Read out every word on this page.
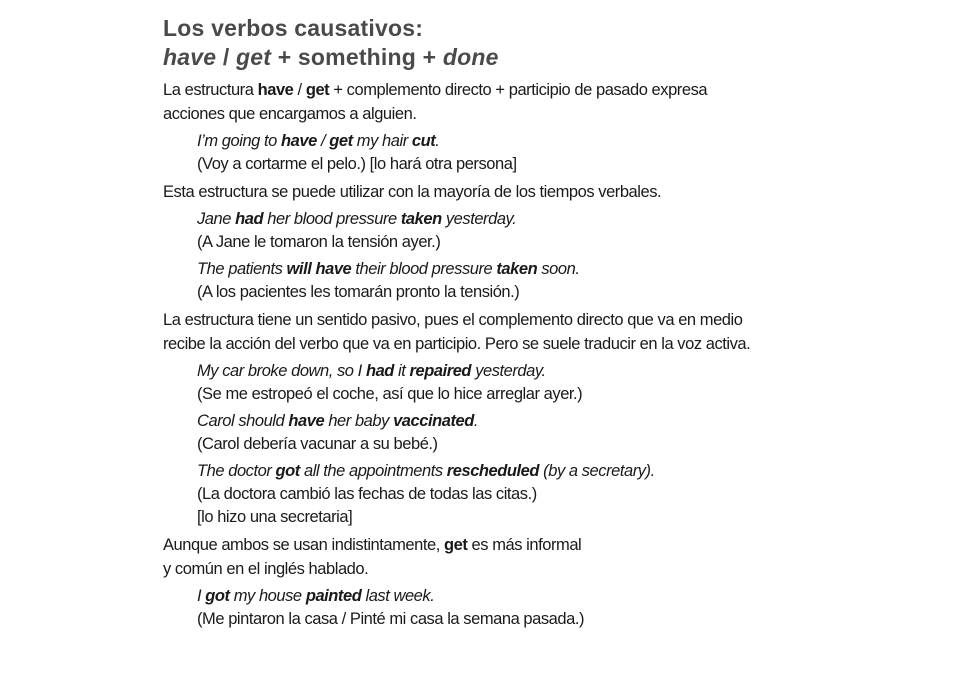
Los verbos causativos:
have / get + something + done

La estructura have / get + complemento directo + participio de pasado expresa
acciones que encargamos a alguien.

I’m going to have / get my hair cut.
(Voy a cortarme el pelo.) [lo hará otra persona]

Esta estructura se puede utilizar con la mayoría de los tiempos verbales.

Jane had her blood pressure taken yesterday.
(A Jane le tomaron la tensión ayer.)
The patients will have their blood pressure taken soon.
(A los pacientes les tomarán pronto la tensión.)

La estructura tiene un sentido pasivo, pues el complemento directo que va en medio
recibe la acción del verbo que va en participio. Pero se suele traducir en la voz activa.

My car broke down, so I had it repaired yesterday.
(Se me estropeó el coche, así que lo hice arreglar ayer.)
Carol should have her baby vaccinated.
(Carol debería vacunar a su bebé.)
The doctor got all the appointments rescheduled (by a secretary).
(La doctora cambió las fechas de todas las citas.)
[lo hizo una secretaria]

Aunque ambos se usan indistintamente, get es más informal
y común en el inglés hablado.

I got my house painted last week.
(Me pintaron la casa / Pinté mi casa la semana pasada.)
